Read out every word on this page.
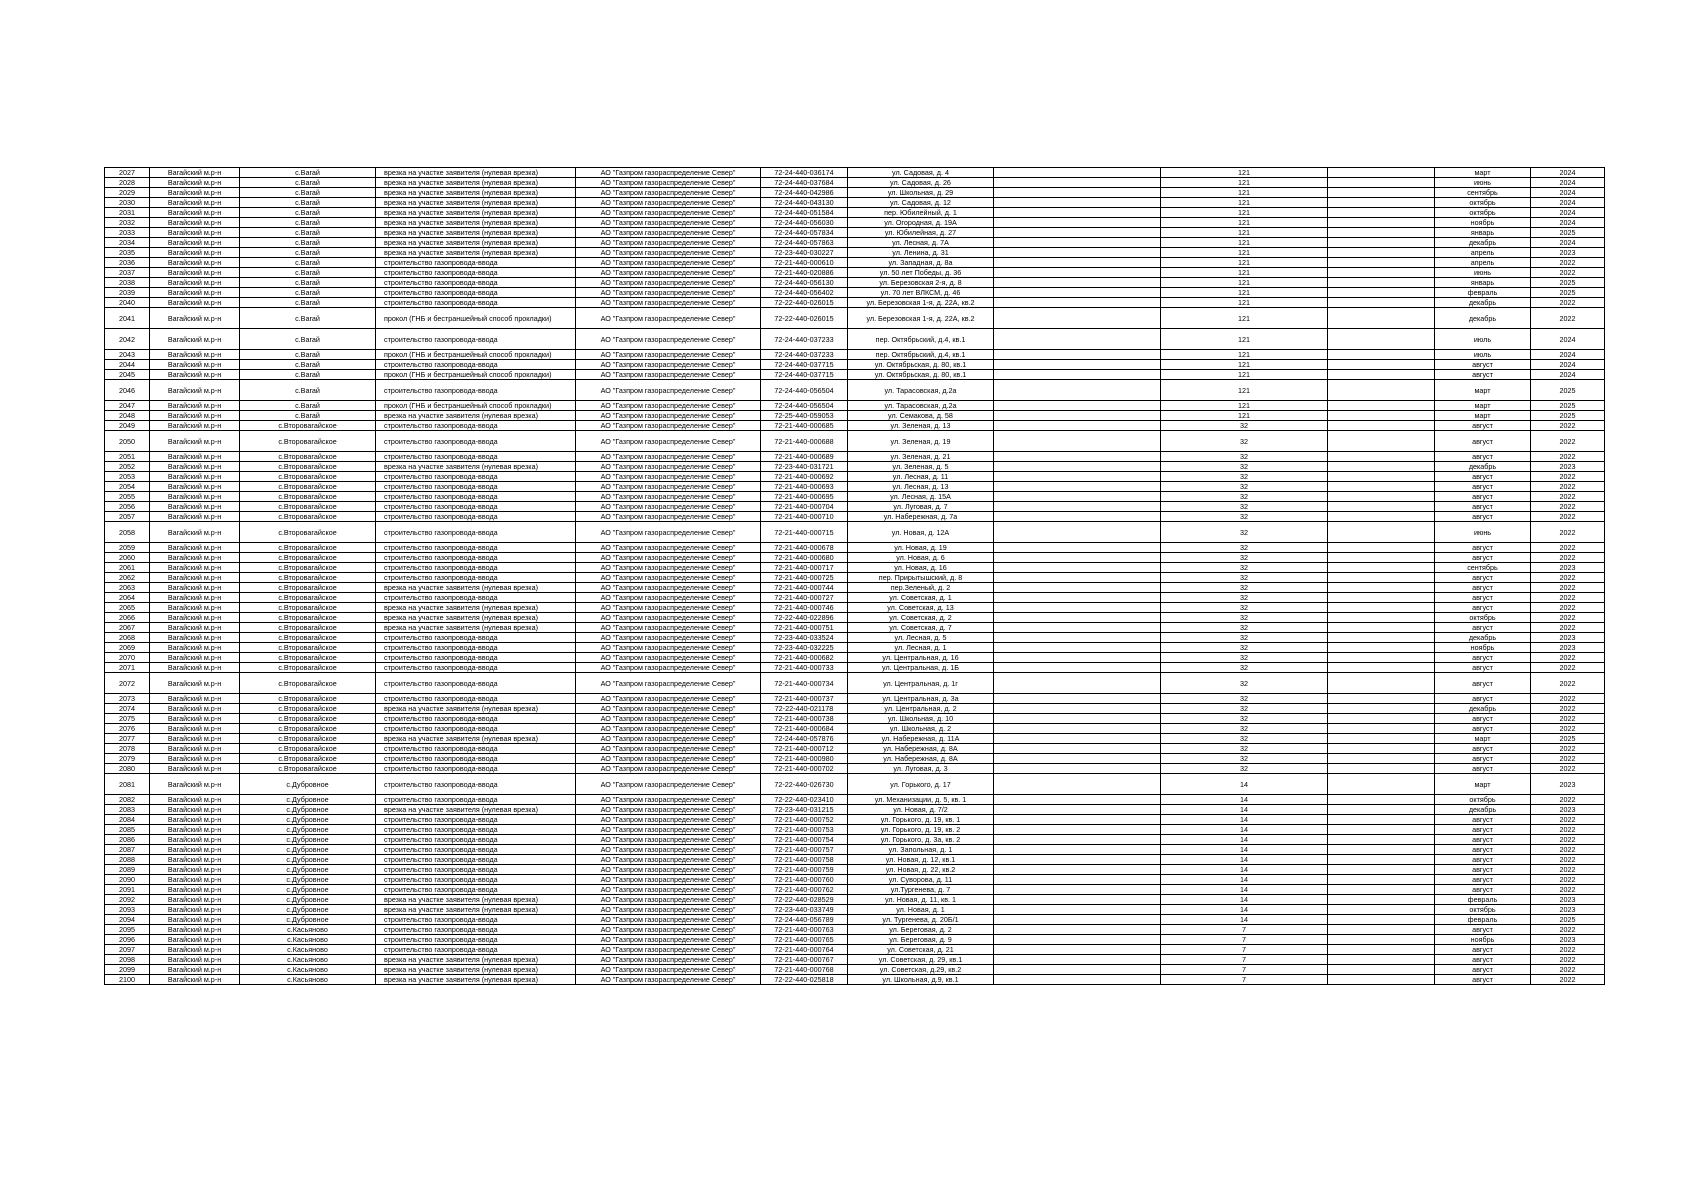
2027	Вагайский м.р-н	с.Вагай	врезка на участке заявителя (нулевая врезка)	АО "Газпром газораспределение Север"	72-24-440-036174	ул. Садовая, д. 4		121		март	2024
2028	Вагайский м.р-н	с.Вагай	врезка на участке заявителя (нулевая врезка)	АО "Газпром газораспределение Север"	72-24-440-037684	ул. Садовая, д. 26		121		июнь	2024
2029	Вагайский м.р-н	с.Вагай	врезка на участке заявителя (нулевая врезка)	АО "Газпром газораспределение Север"	72-24-440-042986	ул. Школьная, д. 29		121		сентябрь	2024
2030	Вагайский м.р-н	с.Вагай	врезка на участке заявителя (нулевая врезка)	АО "Газпром газораспределение Север"	72-24-440-043130	ул. Садовая, д. 12		121		октябрь	2024
2031	Вагайский м.р-н	с.Вагай	врезка на участке заявителя (нулевая врезка)	АО "Газпром газораспределение Север"	72-24-440-051584	пер. Юбилейный, д. 1		121		октябрь	2024
2032	Вагайский м.р-н	с.Вагай	врезка на участке заявителя (нулевая врезка)	АО "Газпром газораспределение Север"	72-24-440-056030	ул. Огородная, д. 19А		121		ноябрь	2024
2033	Вагайский м.р-н	с.Вагай	врезка на участке заявителя (нулевая врезка)	АО "Газпром газораспределение Север"	72-24-440-057834	ул. Юбилейная, д. 27		121		январь	2025
2034	Вагайский м.р-н	с.Вагай	врезка на участке заявителя (нулевая врезка)	АО "Газпром газораспределение Север"	72-24-440-057863	ул. Лесная, д. 7А		121		декабрь	2024
2035	Вагайский м.р-н	с.Вагай	врезка на участке заявителя (нулевая врезка)	АО "Газпром газораспределение Север"	72-23-440-030227	ул. Ленина, д. 31		121		апрель	2023
2036	Вагайский м.р-н	с.Вагай	строительство газопровода-ввода	АО "Газпром газораспределение Север"	72-21-440-000610	ул. Западная, д. 8а		121		апрель	2022
2037	Вагайский м.р-н	с.Вагай	строительство газопровода-ввода	АО "Газпром газораспределение Север"	72-21-440-020886	ул. 50 лет Победы, д. 36		121		июнь	2022
2038	Вагайский м.р-н	с.Вагай	строительство газопровода-ввода	АО "Газпром газораспределение Север"	72-24-440-056130	ул. Березовская 2-я, д. 8		121		январь	2025
2039	Вагайский м.р-н	с.Вагай	строительство газопровода-ввода	АО "Газпром газораспределение Север"	72-24-440-056402	ул. 70 лет ВЛКСМ, д. 46		121		февраль	2025
2040	Вагайский м.р-н	с.Вагай	строительство газопровода-ввода	АО "Газпром газораспределение Север"	72-22-440-026015	ул. Березовская 1-я, д. 22А, кв.2		121		декабрь	2022
2041	Вагайский м.р-н	с.Вагай	прокол (ГНБ и бестраншейный способ прокладки)	АО "Газпром газораспределение Север"	72-22-440-026015	ул. Березовская 1-я, д. 22А, кв.2		121		декабрь	2022
2042	Вагайский м.р-н	с.Вагай	строительство газопровода-ввода	АО "Газпром газораспределение Север"	72-24-440-037233	пер. Октябрьский, д.4, кв.1		121		июль	2024
2043	Вагайский м.р-н	с.Вагай	прокол (ГНБ и бестраншейный способ прокладки)	АО "Газпром газораспределение Север"	72-24-440-037233	пер. Октябрьский, д.4, кв.1		121		июль	2024
2044	Вагайский м.р-н	с.Вагай	строительство газопровода-ввода	АО "Газпром газораспределение Север"	72-24-440-037715	ул. Октябрьская, д. 80, кв.1		121		август	2024
2045	Вагайский м.р-н	с.Вагай	прокол (ГНБ и бестраншейный способ прокладки)	АО "Газпром газораспределение Север"	72-24-440-037715	ул. Октябрьская, д. 80, кв.1		121		август	2024
2046	Вагайский м.р-н	с.Вагай	строительство газопровода-ввода	АО "Газпром газораспределение Север"	72-24-440-056504	ул. Тарасовская, д.2а		121		март	2025
2047	Вагайский м.р-н	с.Вагай	прокол (ГНБ и бестраншейный способ прокладки)	АО "Газпром газораспределение Север"	72-24-440-056504	ул. Тарасовская, д.2а		121		март	2025
2048	Вагайский м.р-н	с.Вагай	врезка на участке заявителя (нулевая врезка)	АО "Газпром газораспределение Север"	72-25-440-059053	ул. Семакова, д. 58		121		март	2025
2049	Вагайский м.р-н	с.Второвагайское	строительство газопровода-ввода	АО "Газпром газораспределение Север"	72-21-440-000685	ул. Зеленая, д. 13		32		август	2022
2050	Вагайский м.р-н	с.Второвагайское	строительство газопровода-ввода	АО "Газпром газораспределение Север"	72-21-440-000688	ул. Зеленая, д. 19		32		август	2022
2051	Вагайский м.р-н	с.Второвагайское	строительство газопровода-ввода	АО "Газпром газораспределение Север"	72-21-440-000689	ул. Зеленая, д. 21		32		август	2022
2052	Вагайский м.р-н	с.Второвагайское	врезка на участке заявителя (нулевая врезка)	АО "Газпром газораспределение Север"	72-23-440-031721	ул. Зеленая, д. 5		32		декабрь	2023
2053	Вагайский м.р-н	с.Второвагайское	строительство газопровода-ввода	АО "Газпром газораспределение Север"	72-21-440-000692	ул. Лесная, д. 11		32		август	2022
2054	Вагайский м.р-н	с.Второвагайское	строительство газопровода-ввода	АО "Газпром газораспределение Север"	72-21-440-000693	ул. Лесная, д. 13		32		август	2022
2055	Вагайский м.р-н	с.Второвагайское	строительство газопровода-ввода	АО "Газпром газораспределение Север"	72-21-440-000695	ул. Лесная, д. 15А		32		август	2022
2056	Вагайский м.р-н	с.Второвагайское	строительство газопровода-ввода	АО "Газпром газораспределение Север"	72-21-440-000704	ул. Луговая, д. 7		32		август	2022
2057	Вагайский м.р-н	с.Второвагайское	строительство газопровода-ввода	АО "Газпром газораспределение Север"	72-21-440-000710	ул. Набережная, д. 7а		32		август	2022
2058	Вагайский м.р-н	с.Второвагайское	строительство газопровода-ввода	АО "Газпром газораспределение Север"	72-21-440-000715	ул. Новая, д. 12А		32		июнь	2022
2059	Вагайский м.р-н	с.Второвагайское	строительство газопровода-ввода	АО "Газпром газораспределение Север"	72-21-440-000678	ул. Новая, д. 19		32		август	2022
2060	Вагайский м.р-н	с.Второвагайское	строительство газопровода-ввода	АО "Газпром газораспределение Север"	72-21-440-000680	ул. Новая, д. 6		32		август	2022
2061	Вагайский м.р-н	с.Второвагайское	строительство газопровода-ввода	АО "Газпром газораспределение Север"	72-21-440-000717	ул. Новая, д. 16		32		сентябрь	2023
2062	Вагайский м.р-н	с.Второвагайское	строительство газопровода-ввода	АО "Газпром газораспределение Север"	72-21-440-000725	пер. Прирытышский, д. 8		32		август	2022
2063	Вагайский м.р-н	с.Второвагайское	врезка на участке заявителя (нулевая врезка)	АО "Газпром газораспределение Север"	72-21-440-000744	пер.Зеленый, д. 2		32		август	2022
2064	Вагайский м.р-н	с.Второвагайское	строительство газопровода-ввода	АО "Газпром газораспределение Север"	72-21-440-000727	ул. Советская, д. 1		32		август	2022
2065	Вагайский м.р-н	с.Второвагайское	врезка на участке заявителя (нулевая врезка)	АО "Газпром газораспределение Север"	72-21-440-000746	ул. Советская, д. 13		32		август	2022
2066	Вагайский м.р-н	с.Второвагайское	врезка на участке заявителя (нулевая врезка)	АО "Газпром газораспределение Север"	72-22-440-022896	ул. Советская, д. 2		32		октябрь	2022
2067	Вагайский м.р-н	с.Второвагайское	врезка на участке заявителя (нулевая врезка)	АО "Газпром газораспределение Север"	72-21-440-000751	ул. Советская, д. 7		32		август	2022
2068	Вагайский м.р-н	с.Второвагайское	строительство газопровода-ввода	АО "Газпром газораспределение Север"	72-23-440-033524	ул. Лесная, д. 5		32		декабрь	2023
2069	Вагайский м.р-н	с.Второвагайское	строительство газопровода-ввода	АО "Газпром газораспределение Север"	72-23-440-032225	ул. Лесная, д. 1		32		ноябрь	2023
2070	Вагайский м.р-н	с.Второвагайское	строительство газопровода-ввода	АО "Газпром газораспределение Север"	72-21-440-000682	ул. Центральная, д. 16		32		август	2022
2071	Вагайский м.р-н	с.Второвагайское	строительство газопровода-ввода	АО "Газпром газораспределение Север"	72-21-440-000733	ул. Центральная, д. 1Б		32		август	2022
2072	Вагайский м.р-н	с.Второвагайское	строительство газопровода-ввода	АО "Газпром газораспределение Север"	72-21-440-000734	ул. Центральная, д. 1г		32		август	2022
2073	Вагайский м.р-н	с.Второвагайское	строительство газопровода-ввода	АО "Газпром газораспределение Север"	72-21-440-000737	ул. Центральная, д. 3а		32		август	2022
2074	Вагайский м.р-н	с.Второвагайское	врезка на участке заявителя (нулевая врезка)	АО "Газпром газораспределение Север"	72-22-440-021178	ул. Центральная, д. 2		32		декабрь	2022
2075	Вагайский м.р-н	с.Второвагайское	строительство газопровода-ввода	АО "Газпром газораспределение Север"	72-21-440-000738	ул. Школьная, д. 10		32		август	2022
2076	Вагайский м.р-н	с.Второвагайское	строительство газопровода-ввода	АО "Газпром газораспределение Север"	72-21-440-000684	ул. Школьная, д. 2		32		август	2022
2077	Вагайский м.р-н	с.Второвагайское	врезка на участке заявителя (нулевая врезка)	АО "Газпром газораспределение Север"	72-24-440-057876	ул. Набережная, д. 11А		32		март	2025
2078	Вагайский м.р-н	с.Второвагайское	строительство газопровода-ввода	АО "Газпром газораспределение Север"	72-21-440-000712	ул. Набережная, д. 8А		32		август	2022
2079	Вагайский м.р-н	с.Второвагайское	строительство газопровода-ввода	АО "Газпром газораспределение Север"	72-21-440-000980	ул. Набережная, д. 8А		32		август	2022
2080	Вагайский м.р-н	с.Второвагайское	строительство газопровода-ввода	АО "Газпром газораспределение Север"	72-21-440-000702	ул. Луговая, д. 3		32		август	2022
2081	Вагайский м.р-н	с.Дубровное	строительство газопровода-ввода	АО "Газпром газораспределение Север"	72-22-440-026730	ул. Горького, д. 17		14		март	2023
2082	Вагайский м.р-н	с.Дубровное	строительство газопровода-ввода	АО "Газпром газораспределение Север"	72-22-440-023410	ул. Механизации, д. 5, кв. 1		14		октябрь	2022
2083	Вагайский м.р-н	с.Дубровное	врезка на участке заявителя (нулевая врезка)	АО "Газпром газораспределение Север"	72-23-440-031215	ул. Новая, д. 7/2		14		декабрь	2023
2084	Вагайский м.р-н	с.Дубровное	строительство газопровода-ввода	АО "Газпром газораспределение Север"	72-21-440-000752	ул. Горького, д. 19, кв. 1		14		август	2022
2085	Вагайский м.р-н	с.Дубровное	строительство газопровода-ввода	АО "Газпром газораспределение Север"	72-21-440-000753	ул. Горького, д. 19, кв. 2		14		август	2022
2086	Вагайский м.р-н	с.Дубровное	строительство газопровода-ввода	АО "Газпром газораспределение Север"	72-21-440-000754	ул. Горького, д. 3а, кв. 2		14		август	2022
2087	Вагайский м.р-н	с.Дубровное	строительство газопровода-ввода	АО "Газпром газораспределение Север"	72-21-440-000757	ул. Запольная, д. 1		14		август	2022
2088	Вагайский м.р-н	с.Дубровное	строительство газопровода-ввода	АО "Газпром газораспределение Север"	72-21-440-000758	ул. Новая, д. 12, кв.1		14		август	2022
2089	Вагайский м.р-н	с.Дубровное	строительство газопровода-ввода	АО "Газпром газораспределение Север"	72-21-440-000759	ул. Новая, д. 22, кв.2		14		август	2022
2090	Вагайский м.р-н	с.Дубровное	строительство газопровода-ввода	АО "Газпром газораспределение Север"	72-21-440-000760	ул. Суворова, д. 11		14		август	2022
2091	Вагайский м.р-н	с.Дубровное	строительство газопровода-ввода	АО "Газпром газораспределение Север"	72-21-440-000762	ул.Тургенева, д. 7		14		август	2022
2092	Вагайский м.р-н	с.Дубровное	врезка на участке заявителя (нулевая врезка)	АО "Газпром газораспределение Север"	72-22-440-028529	ул. Новая, д. 11, кв. 1		14		февраль	2023
2093	Вагайский м.р-н	с.Дубровное	врезка на участке заявителя (нулевая врезка)	АО "Газпром газораспределение Север"	72-23-440-033749	ул. Новая, д. 1		14		октябрь	2023
2094	Вагайский м.р-н	с.Дубровное	строительство газопровода-ввода	АО "Газпром газораспределение Север"	72-24-440-056789	ул. Тургенева, д. 20Б/1		14		февраль	2025
2095	Вагайский м.р-н	с.Касьяново	строительство газопровода-ввода	АО "Газпром газораспределение Север"	72-21-440-000763	ул. Береговая, д. 2		7		август	2022
2096	Вагайский м.р-н	с.Касьяново	строительство газопровода-ввода	АО "Газпром газораспределение Север"	72-21-440-000765	ул. Береговая, д. 9		7		ноябрь	2023
2097	Вагайский м.р-н	с.Касьяново	строительство газопровода-ввода	АО "Газпром газораспределение Север"	72-21-440-000764	ул. Советская, д. 21		7		август	2022
2098	Вагайский м.р-н	с.Касьяново	врезка на участке заявителя (нулевая врезка)	АО "Газпром газораспределение Север"	72-21-440-000767	ул. Советская, д. 29, кв.1		7		август	2022
2099	Вагайский м.р-н	с.Касьяново	врезка на участке заявителя (нулевая врезка)	АО "Газпром газораспределение Север"	72-21-440-000768	ул. Советская, д.29, кв.2		7		август	2022
2100	Вагайский м.р-н	с.Касьяново	врезка на участке заявителя (нулевая врезка)	АО "Газпром газораспределение Север"	72-22-440-025818	ул. Школьная, д.9, кв.1		7		август	2022
